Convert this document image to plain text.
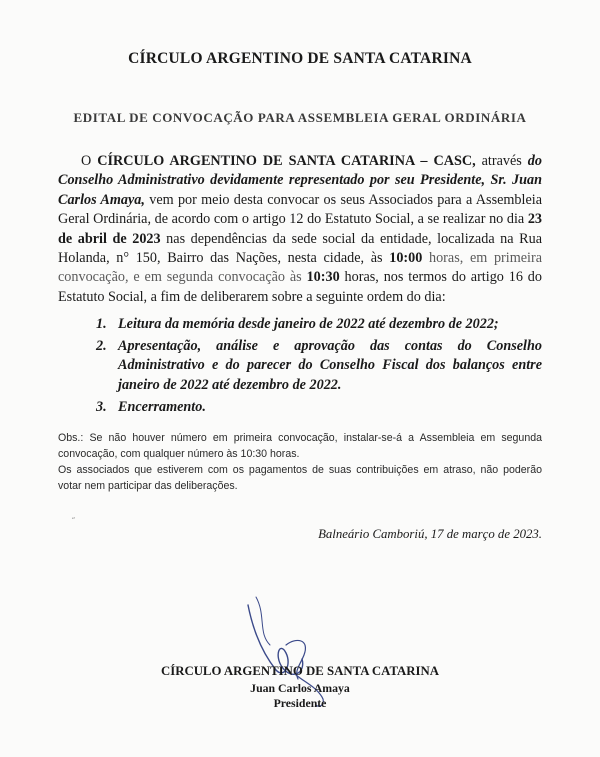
CÍRCULO ARGENTINO DE SANTA CATARINA
EDITAL DE CONVOCAÇÃO PARA ASSEMBLEIA GERAL ORDINÁRIA
O CÍRCULO ARGENTINO DE SANTA CATARINA – CASC, através do Conselho Administrativo devidamente representado por seu Presidente, Sr. Juan Carlos Amaya, vem por meio desta convocar os seus Associados para a Assembleia Geral Ordinária, de acordo com o artigo 12 do Estatuto Social, a se realizar no dia 23 de abril de 2023 nas dependências da sede social da entidade, localizada na Rua Holanda, n° 150, Bairro das Nações, nesta cidade, às 10:00 horas, em primeira convocação, e em segunda convocação às 10:30 horas, nos termos do artigo 16 do Estatuto Social, a fim de deliberarem sobre a seguinte ordem do dia:
1. Leitura da memória desde janeiro de 2022 até dezembro de 2022;
2. Apresentação, análise e aprovação das contas do Conselho Administrativo e do parecer do Conselho Fiscal dos balanços entre janeiro de 2022 até dezembro de 2022.
3. Encerramento.

Obs.: Se não houver número em primeira convocação, instalar-se-á a Assembleia em segunda convocação, com qualquer número às 10:30 horas.

Os associados que estiverem com os pagamentos de suas contribuições em atraso, não poderão votar nem participar das deliberações.

˶
Balneário Camboriú, 17 de março de 2023.
CÍRCULO ARGENTINO DE SANTA CATARINA
Juan Carlos Amaya
Presidente
